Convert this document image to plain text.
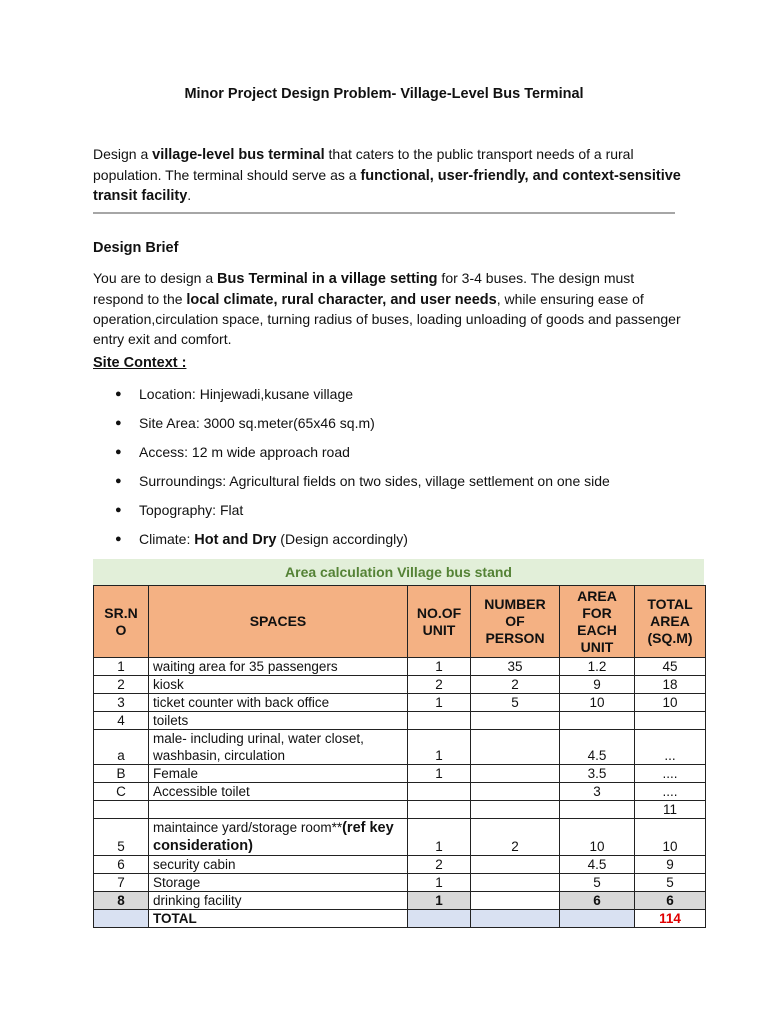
Minor Project Design Problem- Village-Level Bus Terminal
Design a village-level bus terminal that caters to the public transport needs of a rural population. The terminal should serve as a functional, user-friendly, and context-sensitive transit facility.
Design Brief
You are to design a Bus Terminal in a village setting for 3-4 buses. The design must respond to the local climate, rural character, and user needs, while ensuring ease of operation,circulation space, turning radius of buses, loading unloading of goods and passenger entry exit and comfort.
Site Context :
● Location: Hinjewadi,kusane village
● Site Area: 3000 sq.meter(65x46 sq.m)
● Access: 12 m wide approach road
● Surroundings: Agricultural fields on two sides, village settlement on one side
● Topography: Flat
● Climate: Hot and Dry (Design accordingly)
Area calculation Village bus stand
SR.N O	SPACES	NO.OF UNIT	NUMBER OF PERSON	AREA FOR EACH UNIT	TOTAL AREA (SQ.M)
1	waiting area for 35 passengers	1	35	1.2	45
2	kiosk	2	2	9	18
3	ticket counter with back office	1	5	10	10
4	toilets				
a	male- including urinal, water closet, washbasin, circulation	1		4.5	...
B	Female	1		3.5	....
C	Accessible toilet			3	....
					11
5	maintaince yard/storage room**(ref key consideration)	1	2	10	10
6	security cabin	2		4.5	9
7	Storage	1		5	5
8	drinking facility	1		6	6
	TOTAL				114
